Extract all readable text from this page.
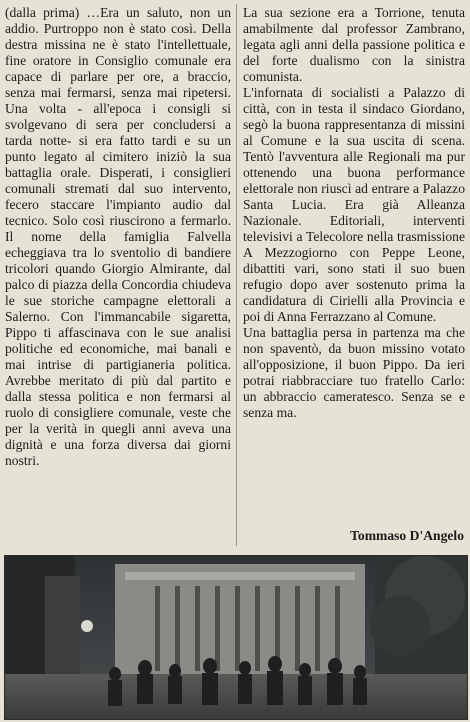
(dalla prima) …Era un saluto, non un addio. Purtroppo non è stato così. Della destra missina ne è stato l'intellettuale, fine oratore in Consiglio comunale era capace di parlare per ore, a braccio, senza mai fermarsi, senza mai ripetersi. Una volta - all'epoca i consigli si svolgevano di sera per concludersi a tarda notte- si era fatto tardi e su un punto legato al cimitero iniziò la sua battaglia orale. Disperati, i consiglieri comunali stremati dal suo intervento, fecero staccare l'impianto audio dal tecnico. Solo così riuscirono a fermarlo. Il nome della famiglia Falvella echeggiava tra lo sventolio di bandiere tricolori quando Giorgio Almirante, dal palco di piazza della Concordia chiudeva le sue storiche campagne elettorali a Salerno. Con l'immancabile sigaretta, Pippo ti affascinava con le sue analisi politiche ed economiche, mai banali e mai intrise di partigianeria politica. Avrebbe meritato di più dal partito e dalla stessa politica e non fermarsi al ruolo di consigliere comunale, veste che per la verità in quegli anni aveva una dignità e una forza diversa dai giorni nostri.

La sua sezione era a Torrione, tenuta amabilmente dal professor Zambrano, legata agli anni della passione politica e del forte dualismo con la sinistra comunista.

L'infornata di socialisti a Palazzo di città, con in testa il sindaco Giordano, segò la buona rappresentanza di missini al Comune e la sua uscita di scena. Tentò l'avventura alle Regionali ma pur ottenendo una buona performance elettorale non riuscì ad entrare a Palazzo Santa Lucia. Era già Alleanza Nazionale. Editoriali, interventi televisivi a Telecolore nella trasmissione A Mezzogiorno con Peppe Leone, dibattiti vari, sono stati il suo buen refugio dopo aver sostenuto prima la candidatura di Cirielli alla Provincia e poi di Anna Ferrazzano al Comune.

Una battaglia persa in partenza ma che non spaventò, da buon missino votato all'opposizione, il buon Pippo. Da ieri potrai riabbracciare tuo fratello Carlo: un abbraccio cameratesco. Senza se e senza ma.

Tommaso D'Angelo
